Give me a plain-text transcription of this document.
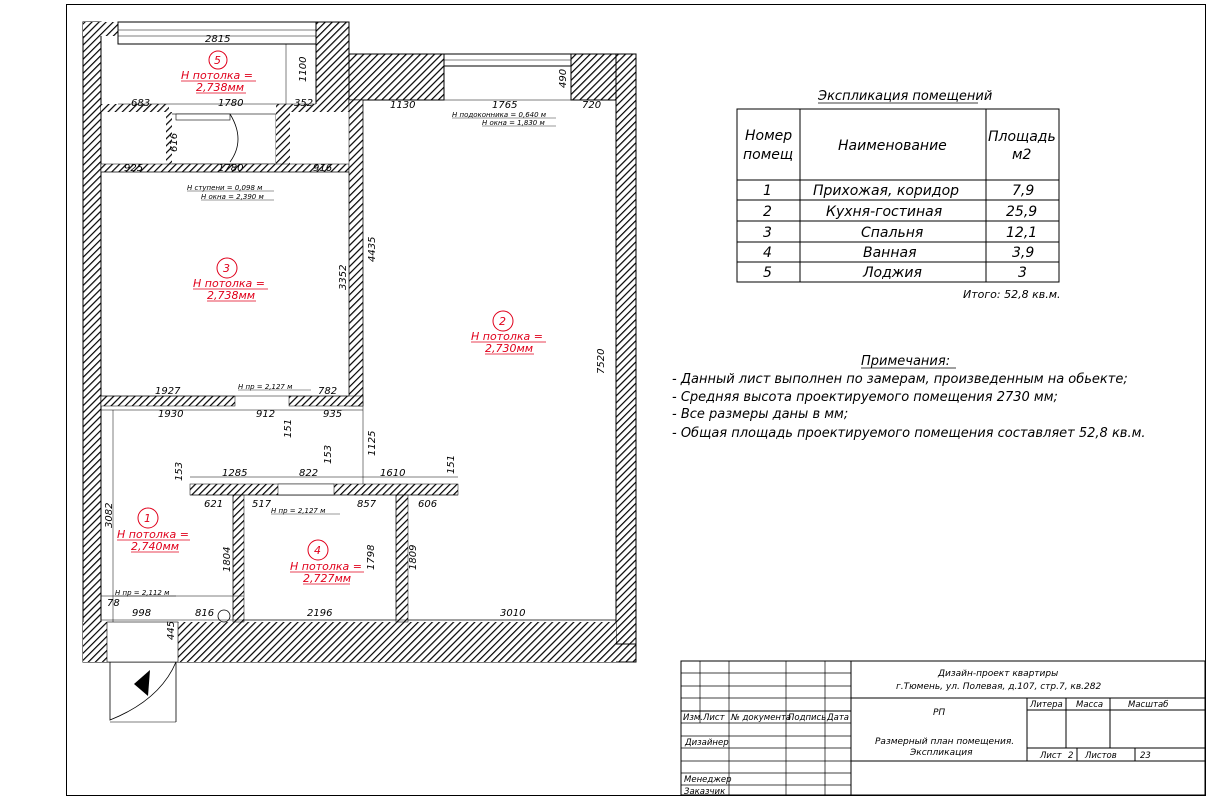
2815
1100
683	1780	352
616
925	1780	916
3352
1927	782
1130	1765	720
490
4435
7520
1930	912	935
151
1125
153	1285	822
153
1610	151
621	517	857	606
3082
1804	1798	1809
998	816	2196	3010
78
445
H подоконника = 0,640 м
H окна = 1,830 м
H ступени = 0,098 м
H окна = 2,390 м
H пр = 2,127 м
H пр = 2,127 м
H пр = 2,112 м
5
H потолка =
2,738мм
3
H потолка =
2,738мм
2
H потолка =
2,730мм
1
H потолка =
2,740мм	4
H потолка =
2,727мм
Экспликация помещений
Номер
помещ
Наименование
Площадь
м2
1	Прихожая, коридор	7,9
2	Кухня-гостиная	25,9
3	Спальня	12,1
4	Ванная	3,9
5	Лоджия	3
Итого: 52,8 кв.м.
Примечания:
- Данный лист выполнен по замерам, произведенным на обьекте;
- Средняя высота проектируемого помещения 2730 мм;
- Все размеры даны в мм;
- Общая площадь проектируемого помещения составляет 52,8 кв.м.
Изм. Лист № документа
Подпись Дата
Дизайнер
Менеджер
Заказчик
Дизайн-проект квартиры
г.Тюмень, ул. Полевая, д.107, стр.7, кв.282
РП
Размерный план помещения.
Экспликация
Литера Масса	Масштаб
Лист 2 Листов	23
